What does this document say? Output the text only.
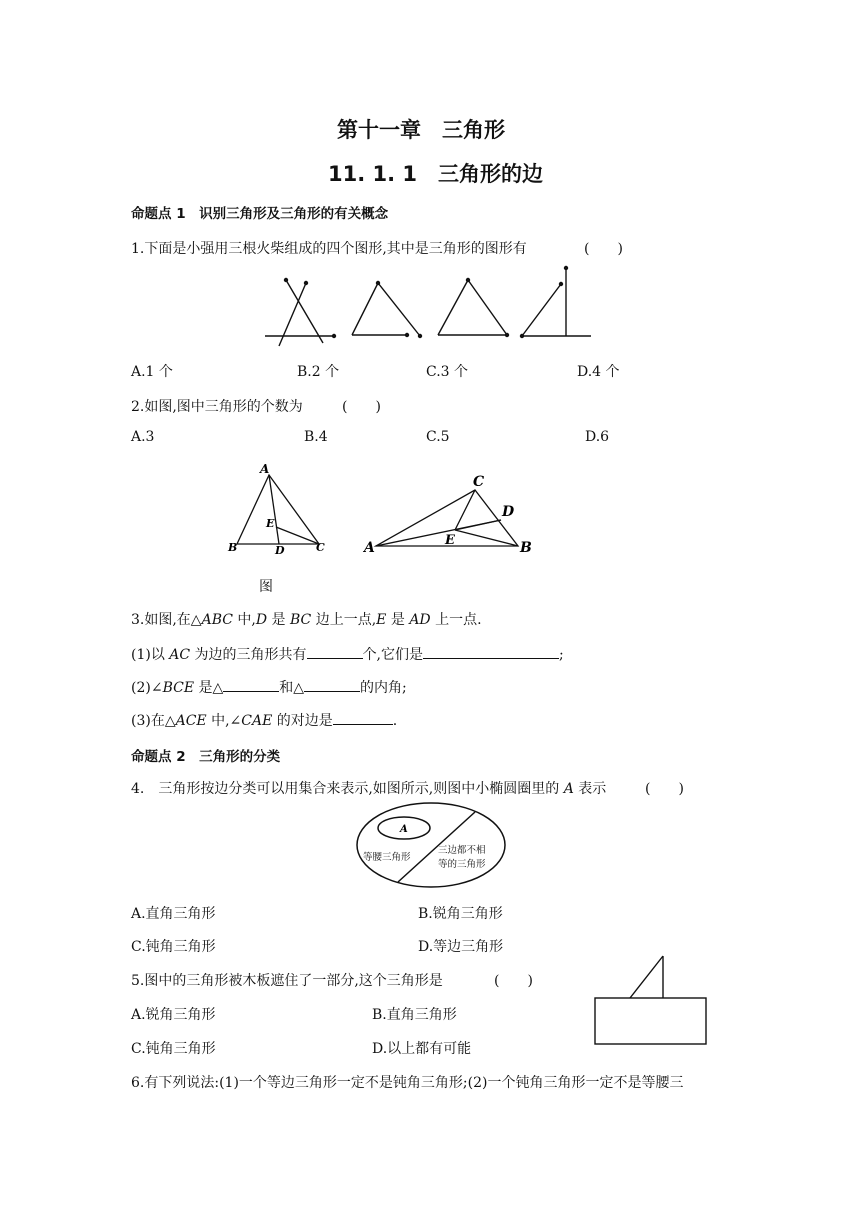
第十一章　三角形
11. 1. 1　三角形的边
命题点 1　识别三角形及三角形的有关概念
1.下面是小强用三根火柴组成的四个图形,其中是三角形的图形有	(　　)
A.1 个	B.2 个	C.3 个	D.4 个
2.如图,图中三角形的个数为	(　　)
A.3	B.4	C.5	D.6
A
E
B	D	C
C
D
E
A	B
图
3.如图,在△ABC 中,D 是 BC 边上一点,E 是 AD 上一点.
(1)以 AC 为边的三角形共有	个,它们是	;
(2)∠BCE 是△	和△	的内角;
(3)在△ACE 中,∠CAE 的对边是	.
命题点 2　三角形的分类
4.　三角形按边分类可以用集合来表示,如图所示,则图中小椭圆圈里的 A 表示	(　　)
A
等腰三角形
三边都不相
等的三角形
A.直角三角形	B.锐角三角形
C.钝角三角形	D.等边三角形
5.图中的三角形被木板遮住了一部分,这个三角形是	(　　)
A.锐角三角形	B.直角三角形
C.钝角三角形	D.以上都有可能
6.有下列说法:(1)一个等边三角形一定不是钝角三角形;(2)一个钝角三角形一定不是等腰三
